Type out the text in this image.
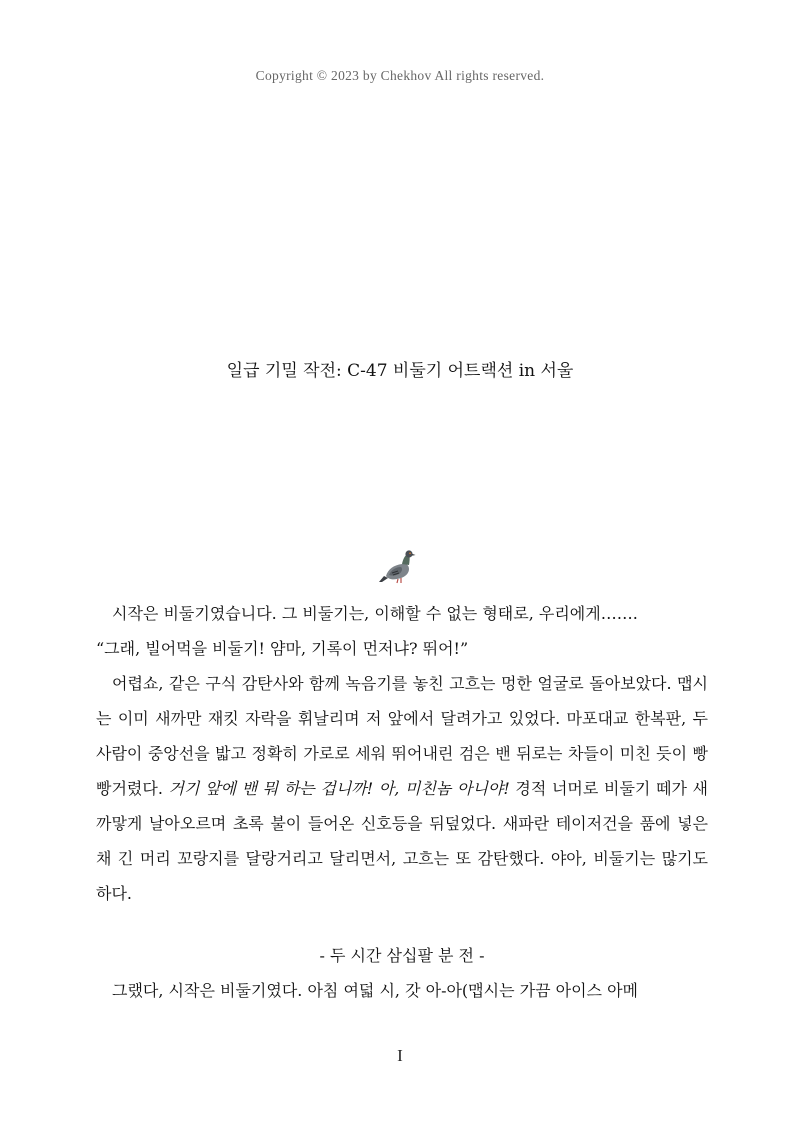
Copyright © 2023 by Chekhov All rights reserved.
일급 기밀 작전: C-47 비둘기 어트랙션 in 서울

시작은 비둘기였습니다. 그 비둘기는, 이해할 수 없는 형태로, 우리에게…….

“그래, 빌어먹을 비둘기! 얌마, 기록이 먼저냐? 뛰어!”

어렵쇼, 같은 구식 감탄사와 함께 녹음기를 놓친 고흐는 멍한 얼굴로 돌아보았다. 맵시는 이미 새까만 재킷 자락을 휘날리며 저 앞에서 달려가고 있었다. 마포대교 한복판, 두 사람이 중앙선을 밟고 정확히 가로로 세워 뛰어내린 검은 밴 뒤로는 차들이 미친 듯이 빵빵거렸다. 거기 앞에 밴 뭐 하는 겁니까! 아, 미친놈 아니야! 경적 너머로 비둘기 떼가 새까맣게 날아오르며 초록 불이 들어온 신호등을 뒤덮었다. 새파란 테이저건을 품에 넣은 채 긴 머리 꼬랑지를 달랑거리고 달리면서, 고흐는 또 감탄했다. 야아, 비둘기는 많기도 하다.

- 두 시간 삼십팔 분 전 -

그랬다, 시작은 비둘기였다. 아침 여덟 시, 갓 아-아(맵시는 가끔 아이스 아메

I
